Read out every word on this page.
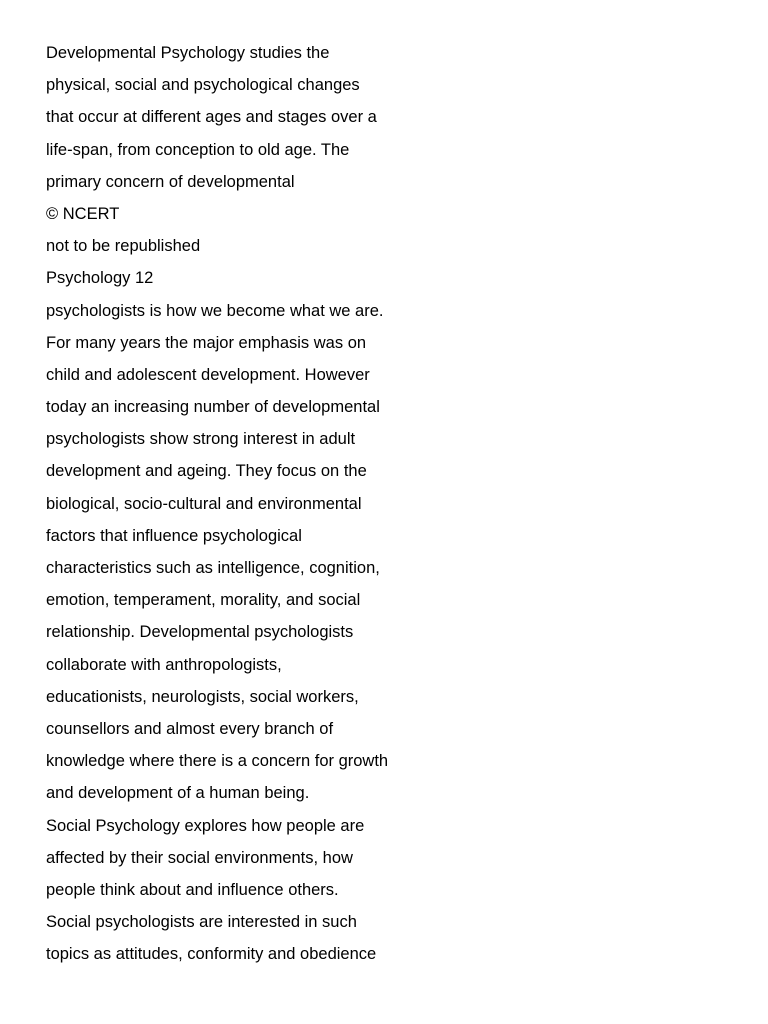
Developmental Psychology studies the
physical, social and psychological changes
that occur at different ages and stages over a
life-span, from conception to old age. The
primary concern of developmental
© NCERT
not to be republished
Psychology 12
psychologists is how we become what we are.
For many years the major emphasis was on
child and adolescent development. However
today an increasing number of developmental
psychologists show strong interest in adult
development and ageing. They focus on the
biological, socio-cultural and environmental
factors that influence psychological
characteristics such as intelligence, cognition,
emotion, temperament, morality, and social
relationship. Developmental psychologists
collaborate with anthropologists,
educationists, neurologists, social workers,
counsellors and almost every branch of
knowledge where there is a concern for growth
and development of a human being.
Social Psychology explores how people are
affected by their social environments, how
people think about and influence others.
Social psychologists are interested in such
topics as attitudes, conformity and obedience
